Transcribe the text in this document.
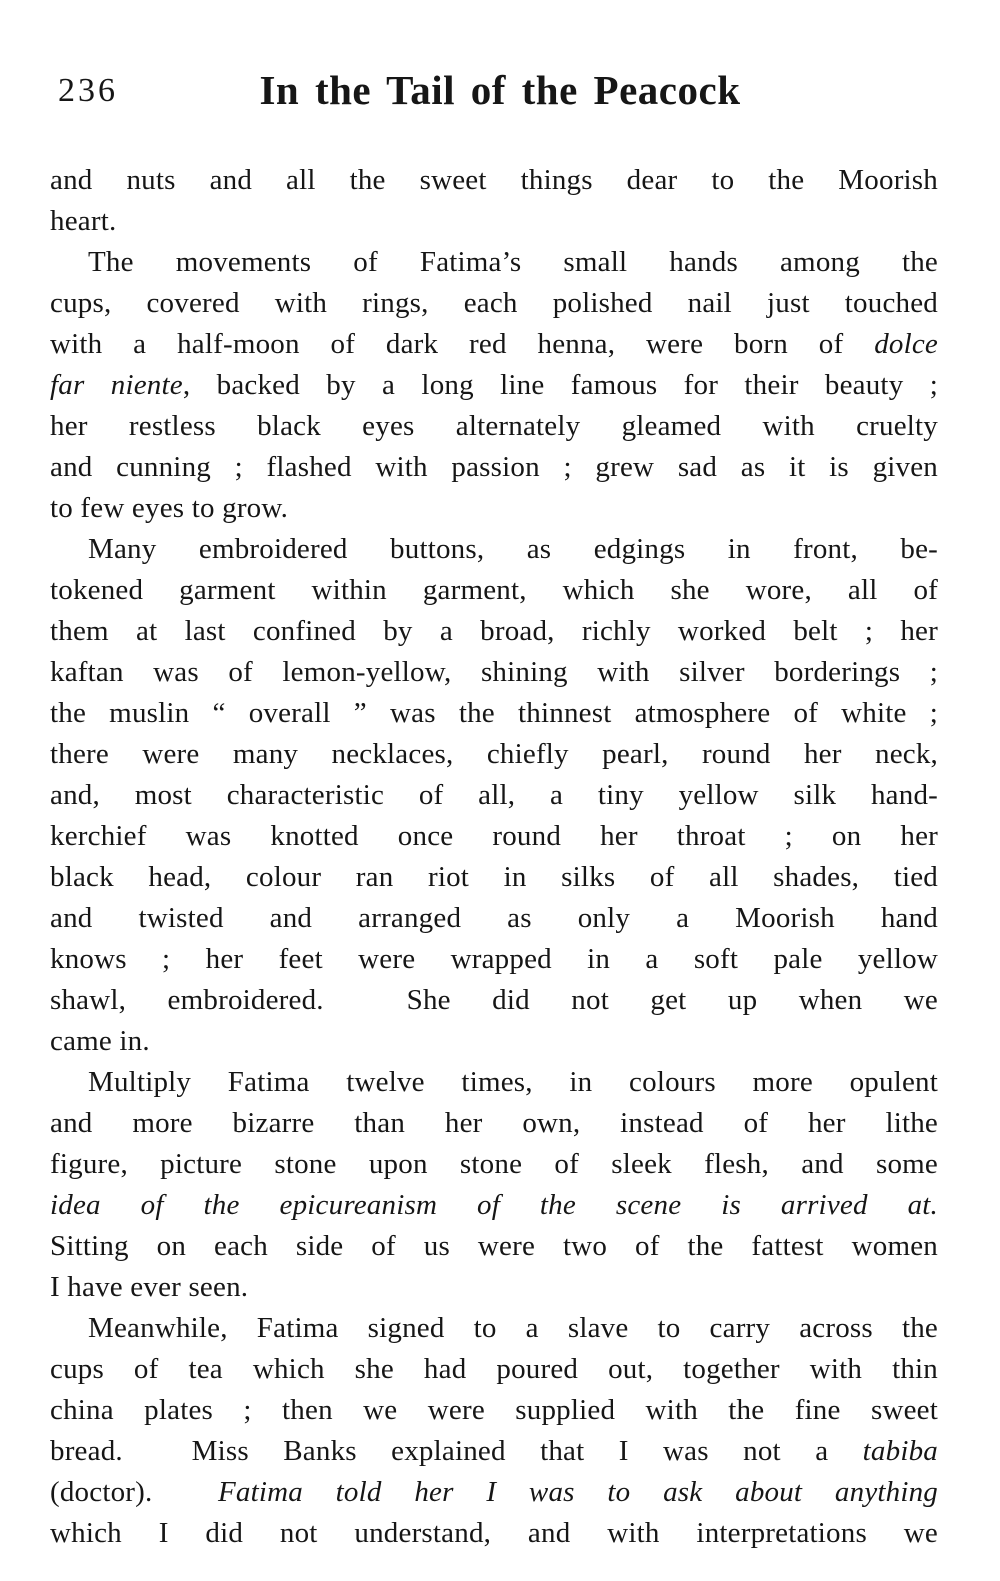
236	In the Tail of the Peacock
and nuts and all the sweet things dear to the Moorish
heart.
The movements of Fatima’s small hands among the
cups, covered with rings, each polished nail just touched
with a half-moon of dark red henna, were born of dolce
far niente, backed by a long line famous for their beauty ;
her restless black eyes alternately gleamed with cruelty
and cunning ; flashed with passion ; grew sad as it is given
to few eyes to grow.
Many embroidered buttons, as edgings in front, be-
tokened garment within garment, which she wore, all of
them at last confined by a broad, richly worked belt ; her
kaftan was of lemon-yellow, shining with silver borderings ;
the muslin “ overall ” was the thinnest atmosphere of white ;
there were many necklaces, chiefly pearl, round her neck,
and, most characteristic of all, a tiny yellow silk hand-
kerchief was knotted once round her throat ; on her
black head, colour ran riot in silks of all shades, tied
and twisted and arranged as only a Moorish hand
knows ; her feet were wrapped in a soft pale yellow
shawl, embroidered.  She did not get up when we
came in.
Multiply Fatima twelve times, in colours more opulent
and more bizarre than her own, instead of her lithe
figure, picture stone upon stone of sleek flesh, and some
idea of the epicureanism of the scene is arrived at.
Sitting on each side of us were two of the fattest women
I have ever seen.
Meanwhile, Fatima signed to a slave to carry across the
cups of tea which she had poured out, together with thin
china plates ; then we were supplied with the fine sweet
bread.  Miss Banks explained that I was not a tabiba
(doctor).  Fatima told her I was to ask about anything
which I did not understand, and with interpretations we
